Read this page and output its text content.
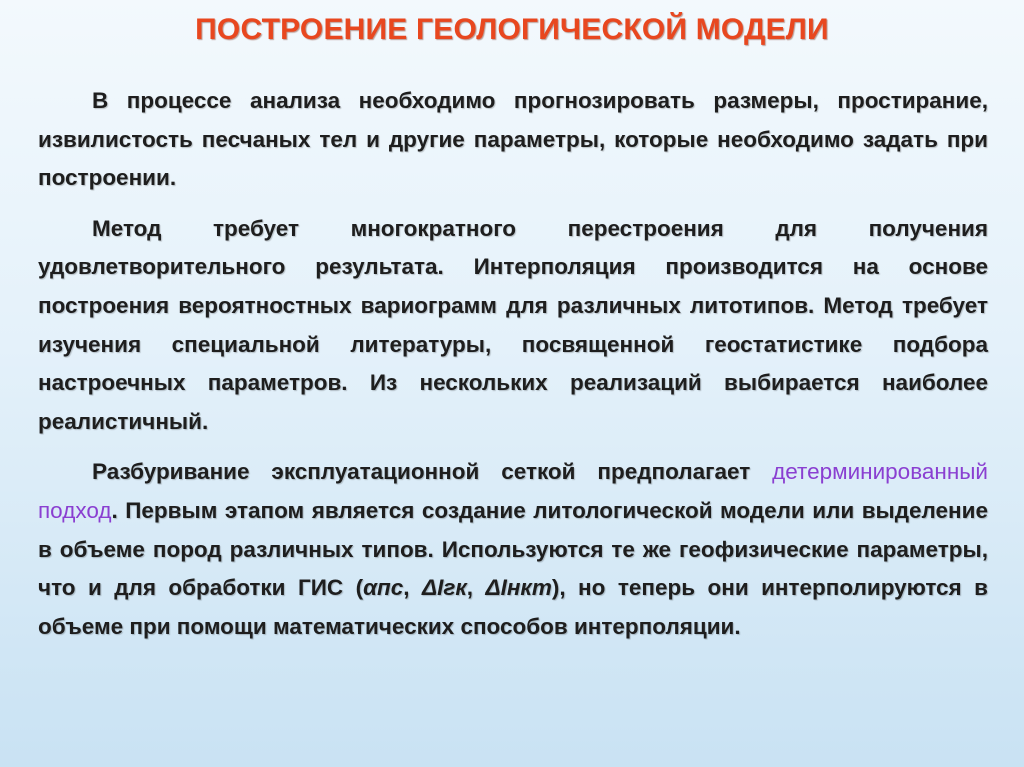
ПОСТРОЕНИЕ ГЕОЛОГИЧЕСКОЙ МОДЕЛИ

В процессе анализа необходимо прогнозировать размеры, простирание, извилистость песчаных тел и другие параметры, которые необходимо задать при построении.

Метод требует многократного перестроения для получения удовлетворительного результата. Интерполяция производится на основе построения вероятностных вариограмм для различных литотипов. Метод требует изучения специальной литературы, посвященной геостатистике подбора настроечных параметров. Из нескольких реализаций выбирается наиболее реалистичный.

Разбуривание эксплуатационной сеткой предполагает детерминированный подход. Первым этапом является создание литологической модели или выделение в объеме пород различных типов. Используются те же геофизические параметры, что и для обработки ГИС (αпс, ΔIгк, ΔIнкт), но теперь они интерполируются в объеме при помощи математических способов интерполяции.
